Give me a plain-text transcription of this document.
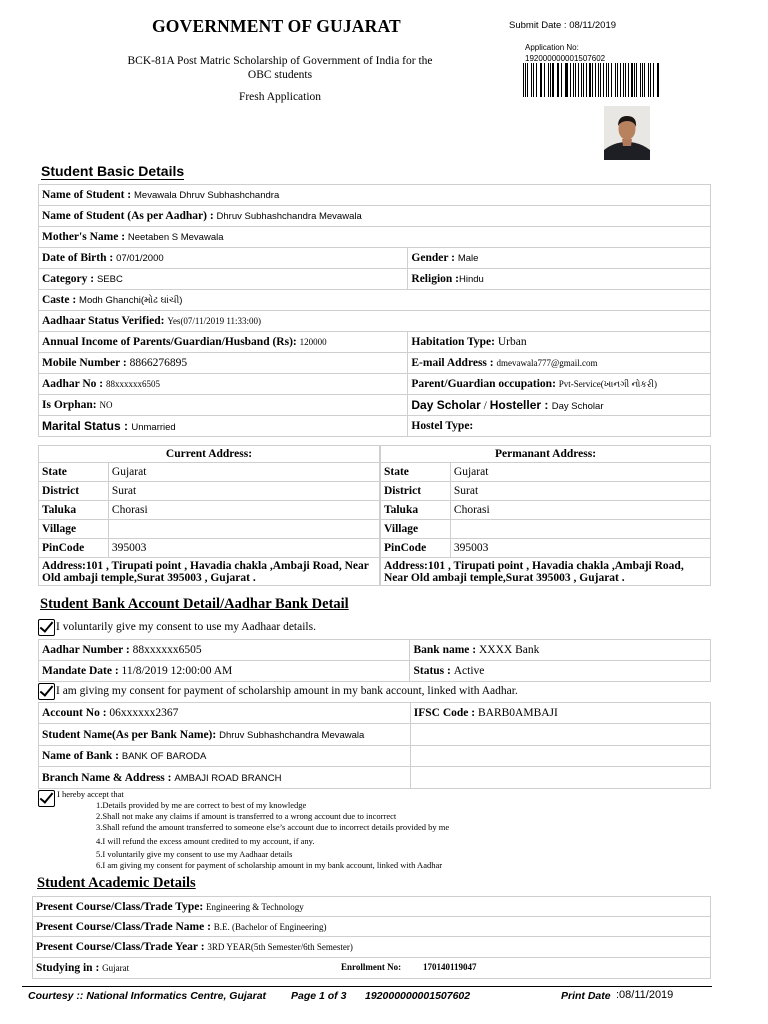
GOVERNMENT OF GUJARAT	Submit Date : 08/11/2019
BCK-81A Post Matric Scholarship of Government of India for the
OBC students
Fresh Application
Application No:
192000000001507602
Student Basic Details
Name of Student : Mevawala Dhruv Subhashchandra	
Name of Student (As per Aadhar) : Dhruv Subhashchandra Mevawala	
Mother's Name : Neetaben S Mevawala	
Date of Birth : 07/01/2000	Gender : Male
Category : SEBC	Religion :Hindu
Caste : Modh Ghanchi(મોઢ ઘાંચી)	
Aadhaar Status Verified: Yes(07/11/2019 11:33:00)	
Annual Income of Parents/Guardian/Husband (Rs): 120000	Habitation Type: Urban
Mobile Number : 8866276895	E-mail Address : dmevawala777@gmail.com
Aadhar No : 88xxxxxx6505	Parent/Guardian occupation: Pvt-Service(ખાનગી નોકરી)
Is Orphan: NO	Day Scholar / Hosteller : Day Scholar
Marital Status : Unmarried	Hostel Type:
Current Address:	
State	Gujarat
District	Surat
Taluka	Chorasi
Village	
PinCode	395003
Address:101 , Tirupati point , Havadia chakla ,Ambaji Road, Near Old ambaji temple,Surat 395003 , Gujarat .	
Permanant Address:	
State	Gujarat
District	Surat
Taluka	Chorasi
Village	
PinCode	395003
Address:101 , Tirupati point , Havadia chakla ,Ambaji Road, Near Old ambaji temple,Surat 395003 , Gujarat .	
Student Bank Account Detail/Aadhar Bank Detail
I voluntarily give my consent to use my Aadhaar details.
Aadhar Number : 88xxxxxx6505	Bank name : XXXX Bank
Mandate Date : 11/8/2019 12:00:00 AM	Status : Active
I am giving my consent for payment of scholarship amount in my bank account, linked with Aadhar.
Account No : 06xxxxxx2367	IFSC Code : BARB0AMBAJI
Student Name(As per Bank Name): Dhruv Subhashchandra Mevawala	
Name of Bank : BANK OF BARODA	
Branch Name & Address : AMBAJI ROAD BRANCH	
I hereby accept that
1.Details provided by me are correct to best of my knowledge
2.Shall not make any claims if amount is transferred to a wrong account due to incorrect
3.Shall refund the amount transferred to someone else’s account due to incorrect details provided by me
4.I will refund the excess amount credited to my account, if any.
5.I voluntarily give my consent to use my Aadhaar details
6.I am giving my consent for payment of scholarship amount in my bank account, linked with Aadhar
Student Academic Details
Present Course/Class/Trade Type: Engineering & Technology
Present Course/Class/Trade Name : B.E. (Bachelor of Engineering)
Present Course/Class/Trade Year : 3RD YEAR(5th Semester/6th Semester)
Studying in : Gujarat	Enrollment No: 170140119047
Courtesy :: National Informatics Centre, Gujarat Page 1 of 3 192000000001507602	Print Date :08/11/2019
